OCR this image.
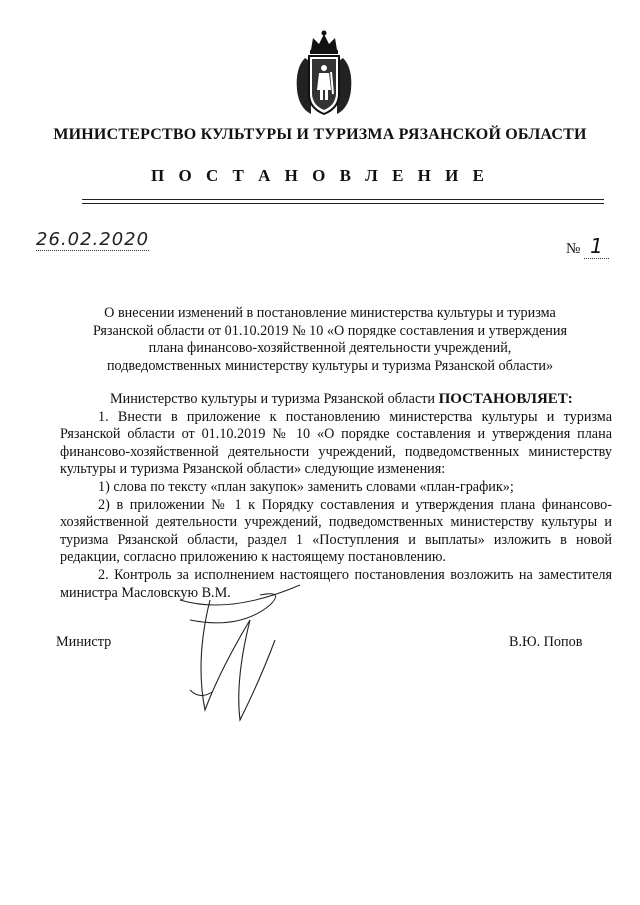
МИНИСТЕРСТВО КУЛЬТУРЫ И ТУРИЗМА РЯЗАНСКОЙ ОБЛАСТИ
П О С Т А Н О В Л Е Н И Е
26.02.2020	№ 1
О внесении изменений в постановление министерства культуры и туризма
Рязанской области от 01.10.2019 № 10 «О порядке составления и утверждения
плана финансово-хозяйственной деятельности учреждений,
подведомственных министерству культуры и туризма Рязанской области»

Министерство культуры и туризма Рязанской области ПОСТАНОВЛЯЕТ:

1. Внести в приложение к постановлению министерства культуры и туризма Рязанской области от 01.10.2019 № 10 «О порядке составления и утверждения плана финансово-хозяйственной деятельности учреждений, подведомственных министерству культуры и туризма Рязанской области» следующие изменения:

1) слова по тексту «план закупок» заменить словами «план-график»;

2) в приложении № 1 к Порядку составления и утверждения плана финансово-хозяйственной деятельности учреждений, подведомственных министерству культуры и туризма Рязанской области, раздел 1 «Поступления и выплаты» изложить в новой редакции, согласно приложению к настоящему постановлению.

2. Контроль за исполнением настоящего постановления возложить на заместителя министра Масловскую В.М.

Министр	В.Ю. Попов
